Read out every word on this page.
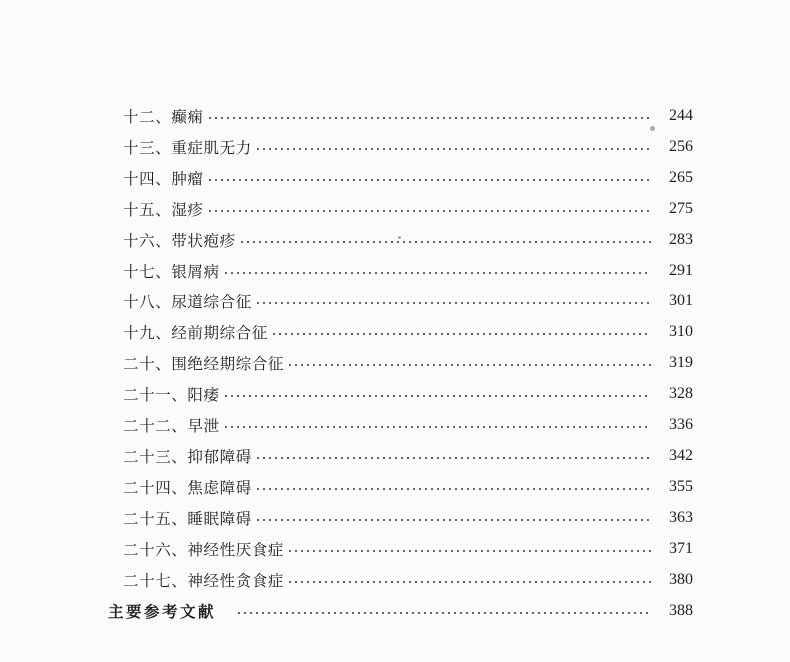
十二、癫痫	244
十三、重症肌无力	256
十四、肿瘤	265
十五、湿疹	275
十六、带状疱疹	283
十七、银屑病	291
十八、尿道综合征	301
十九、经前期综合征	310
二十、围绝经期综合征	319
二十一、阳痿	328
二十二、早泄	336
二十三、抑郁障碍	342
二十四、焦虑障碍	355
二十五、睡眠障碍	363
二十六、神经性厌食症	371
二十七、神经性贪食症	380
主要参考文献	388
